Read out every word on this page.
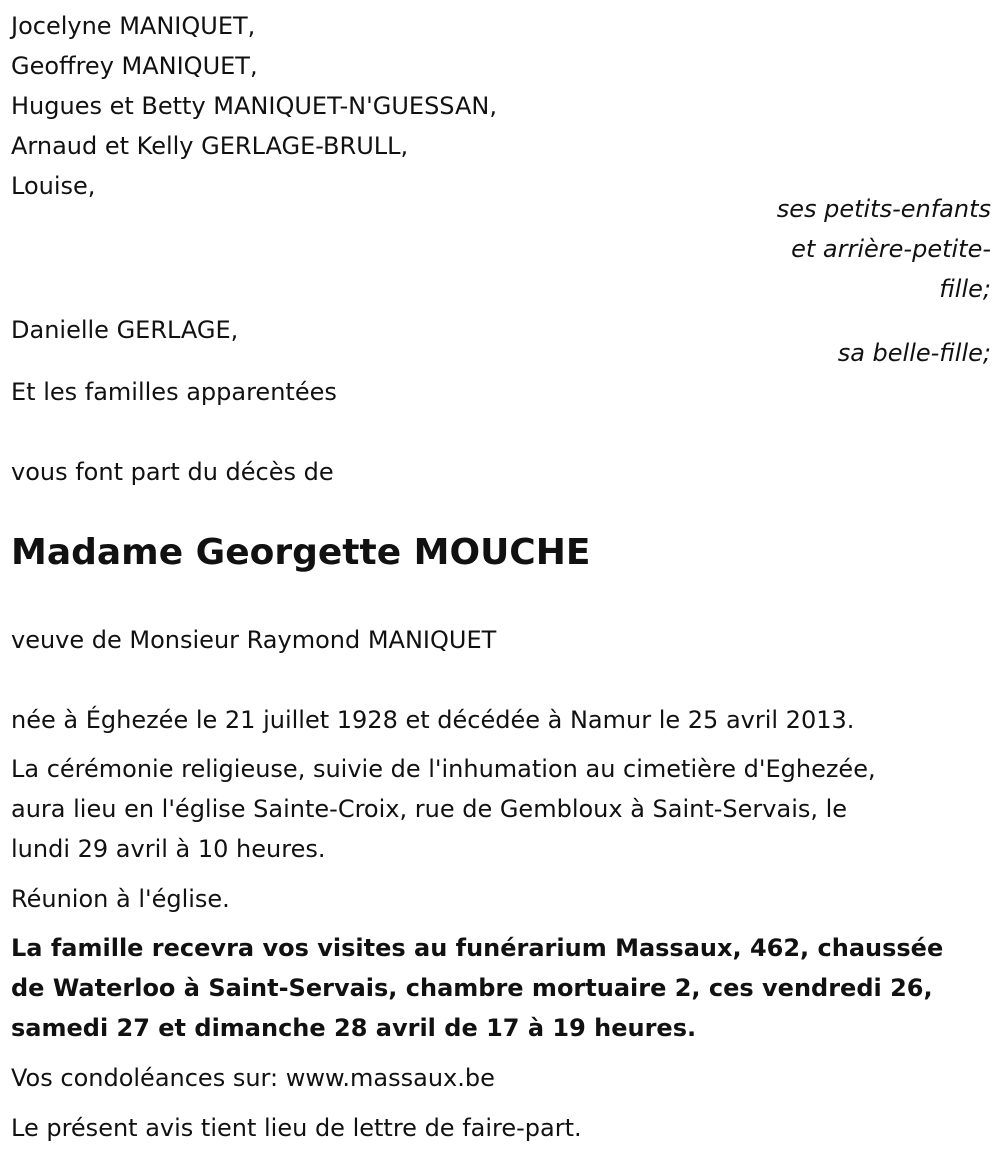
Jocelyne MANIQUET,
Geoffrey MANIQUET,
Hugues et Betty MANIQUET-N'GUESSAN,
Arnaud et Kelly GERLAGE-BRULL,
Louise,
ses petits-enfants
et arrière-petite-
fille;
Danielle GERLAGE,
sa belle-fille;
Et les familles apparentées
vous font part du décès de
Madame Georgette MOUCHE
veuve de Monsieur Raymond MANIQUET
née à Éghezée le 21 juillet 1928 et décédée à Namur le 25 avril 2013.
La cérémonie religieuse, suivie de l'inhumation au cimetière d'Eghezée,
aura lieu en l'église Sainte-Croix, rue de Gembloux à Saint-Servais, le
lundi 29 avril à 10 heures.
Réunion à l'église.
La famille recevra vos visites au funérarium Massaux, 462, chaussée
de Waterloo à Saint-Servais, chambre mortuaire 2, ces vendredi 26,
samedi 27 et dimanche 28 avril de 17 à 19 heures.
Vos condoléances sur: www.massaux.be
Le présent avis tient lieu de lettre de faire-part.
